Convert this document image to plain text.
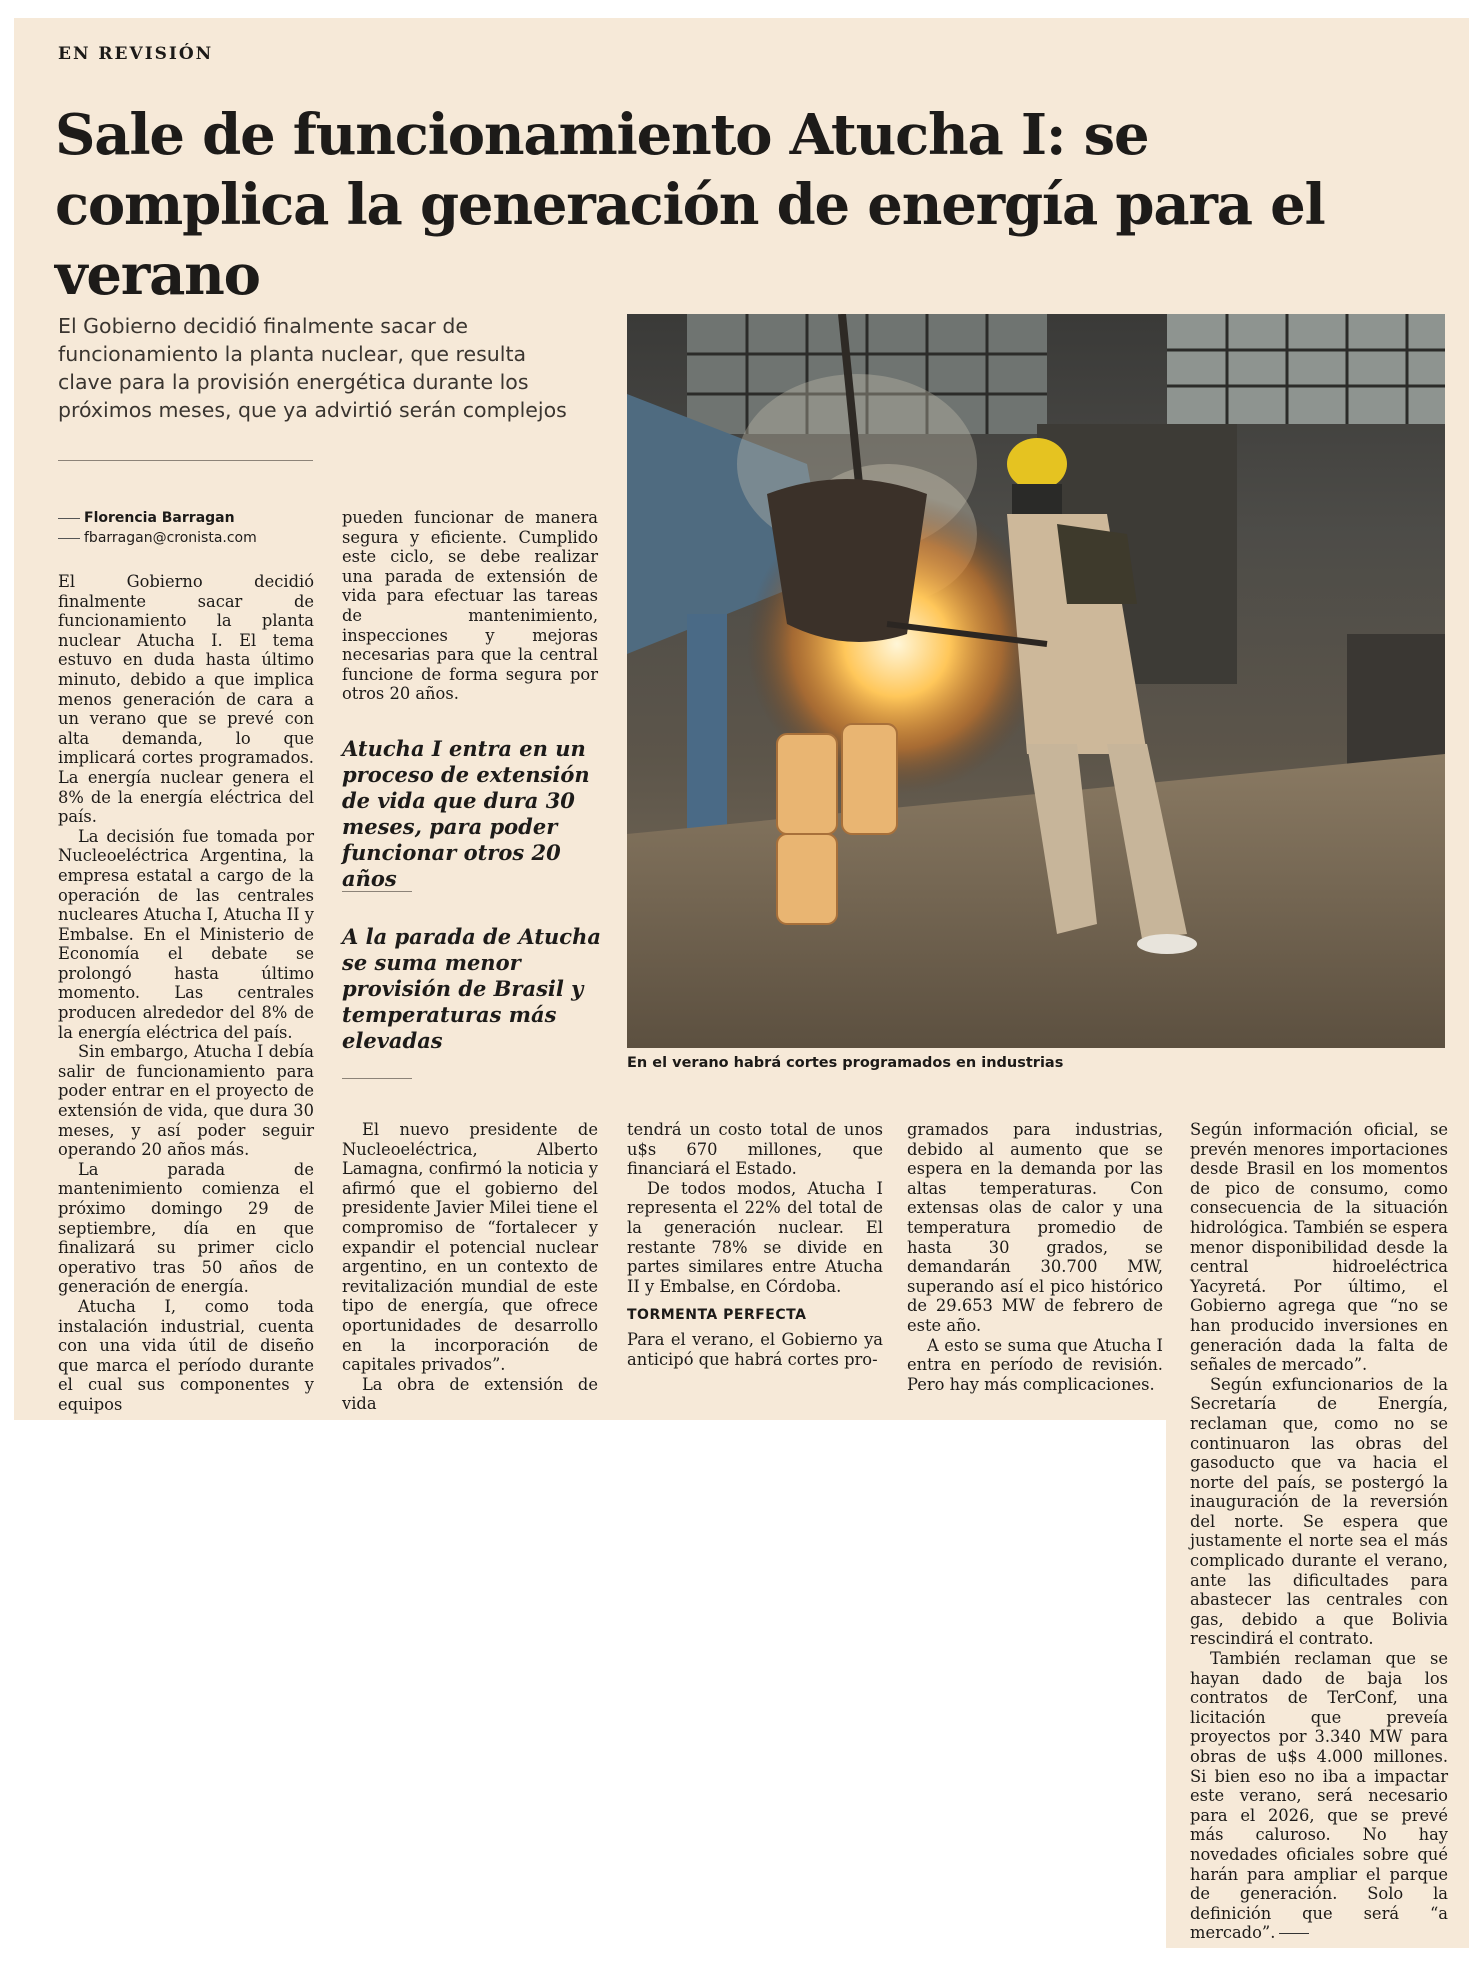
EN REVISIÓN
Sale de funcionamiento Atucha I: se complica la generación de energía para el verano

El Gobierno decidió finalmente sacar de funcionamiento la planta nuclear, que resulta clave para la provisión energética durante los próximos meses, que ya advirtió serán complejos

Florencia Barragan
fbarragan@cronista.com

El Gobierno decidió finalmente sacar de funcionamiento la planta nuclear Atucha I. El tema estuvo en duda hasta último minuto, debido a que implica menos generación de cara a un verano que se prevé con alta demanda, lo que implicará cortes programados. La energía nuclear genera el 8% de la energía eléctrica del país.

La decisión fue tomada por Nucleoeléctrica Argentina, la empresa estatal a cargo de la operación de las centrales nucleares Atucha I, Atucha II y Embalse. En el Ministerio de Economía el debate se prolongó hasta último momento. Las centrales producen alrededor del 8% de la energía eléctrica del país.

Sin embargo, Atucha I debía salir de funcionamiento para poder entrar en el proyecto de extensión de vida, que dura 30 meses, y así poder seguir operando 20 años más.

La parada de mantenimiento comienza el próximo domingo 29 de septiembre, día en que finalizará su primer ciclo operativo tras 50 años de generación de energía.

Atucha I, como toda instalación industrial, cuenta con una vida útil de diseño que marca el período durante el cual sus componentes y equipos

pueden funcionar de manera segura y eficiente. Cumplido este ciclo, se debe realizar una parada de extensión de vida para efectuar las tareas de mantenimiento, inspecciones y mejoras necesarias para que la central funcione de forma segura por otros 20 años.

Atucha I entra en un proceso de extensión de vida que dura 30 meses, para poder funcionar otros 20 años

A la parada de Atucha se suma menor provisión de Brasil y temperaturas más elevadas

El nuevo presidente de Nucleoeléctrica, Alberto Lamagna, confirmó la noticia y afirmó que el gobierno del presidente Javier Milei tiene el compromiso de “fortalecer y expandir el potencial nuclear argentino, en un contexto de revitalización mundial de este tipo de energía, que ofrece oportunidades de desarrollo en la incorporación de capitales privados”.

La obra de extensión de vida

En el verano habrá cortes programados en industrias

tendrá un costo total de unos u$s 670 millones, que financiará el Estado.

De todos modos, Atucha I representa el 22% del total de la generación nuclear. El restante 78% se divide en partes similares entre Atucha II y Embalse, en Córdoba.

TORMENTA PERFECTA

Para el verano, el Gobierno ya anticipó que habrá cortes pro-

gramados para industrias, debido al aumento que se espera en la demanda por las altas temperaturas. Con extensas olas de calor y una temperatura promedio de hasta 30 grados, se demandarán 30.700 MW, superando así el pico histórico de 29.653 MW de febrero de este año.

A esto se suma que Atucha I entra en período de revisión. Pero hay más complicaciones.

Según información oficial, se prevén menores importaciones desde Brasil en los momentos de pico de consumo, como consecuencia de la situación hidrológica. También se espera menor disponibilidad desde la central hidroeléctrica Yacyretá. Por último, el Gobierno agrega que “no se han producido inversiones en generación dada la falta de señales de mercado”.

Según exfuncionarios de la Secretaría de Energía, reclaman que, como no se continuaron las obras del gasoducto que va hacia el norte del país, se postergó la inauguración de la reversión del norte. Se espera que justamente el norte sea el más complicado durante el verano, ante las dificultades para abastecer las centrales con gas, debido a que Bolivia rescindirá el contrato.

También reclaman que se hayan dado de baja los contratos de TerConf, una licitación que preveía proyectos por 3.340 MW para obras de u$s 4.000 millones. Si bien eso no iba a impactar este verano, será necesario para el 2026, que se prevé más caluroso. No hay novedades oficiales sobre qué harán para ampliar el parque de generación. Solo la definición que será “a mercado”.
